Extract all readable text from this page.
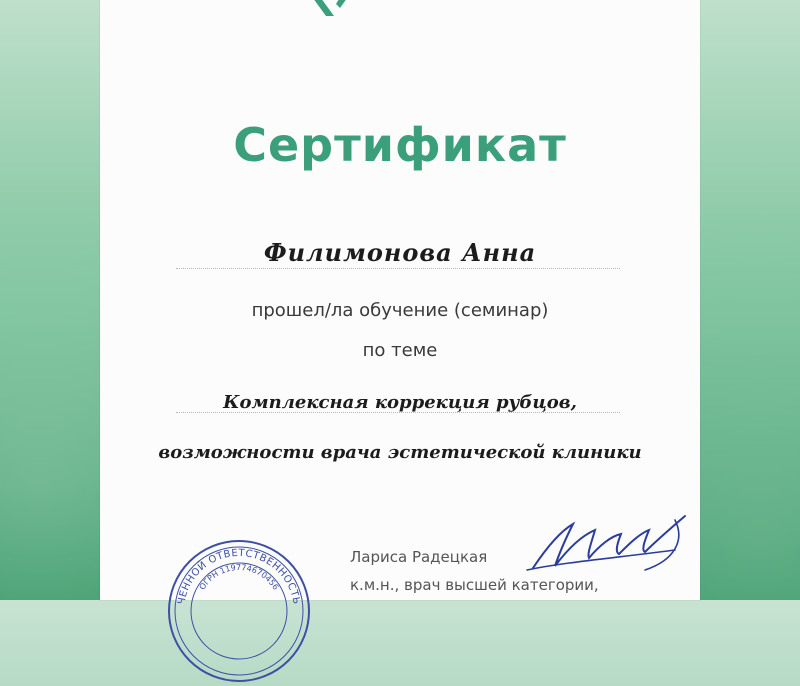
Сертификат
Филимонова Анна
прошел/ла обучение (семинар)
по теме
Комплексная коррекция рубцов,
возможности врача эстетической клиники
Лариса Радецкая
к.м.н., врач высшей категории,
ЧЕННОЙ ОТВЕТСТВЕННОСТЬ
ОГРН 119774670456
